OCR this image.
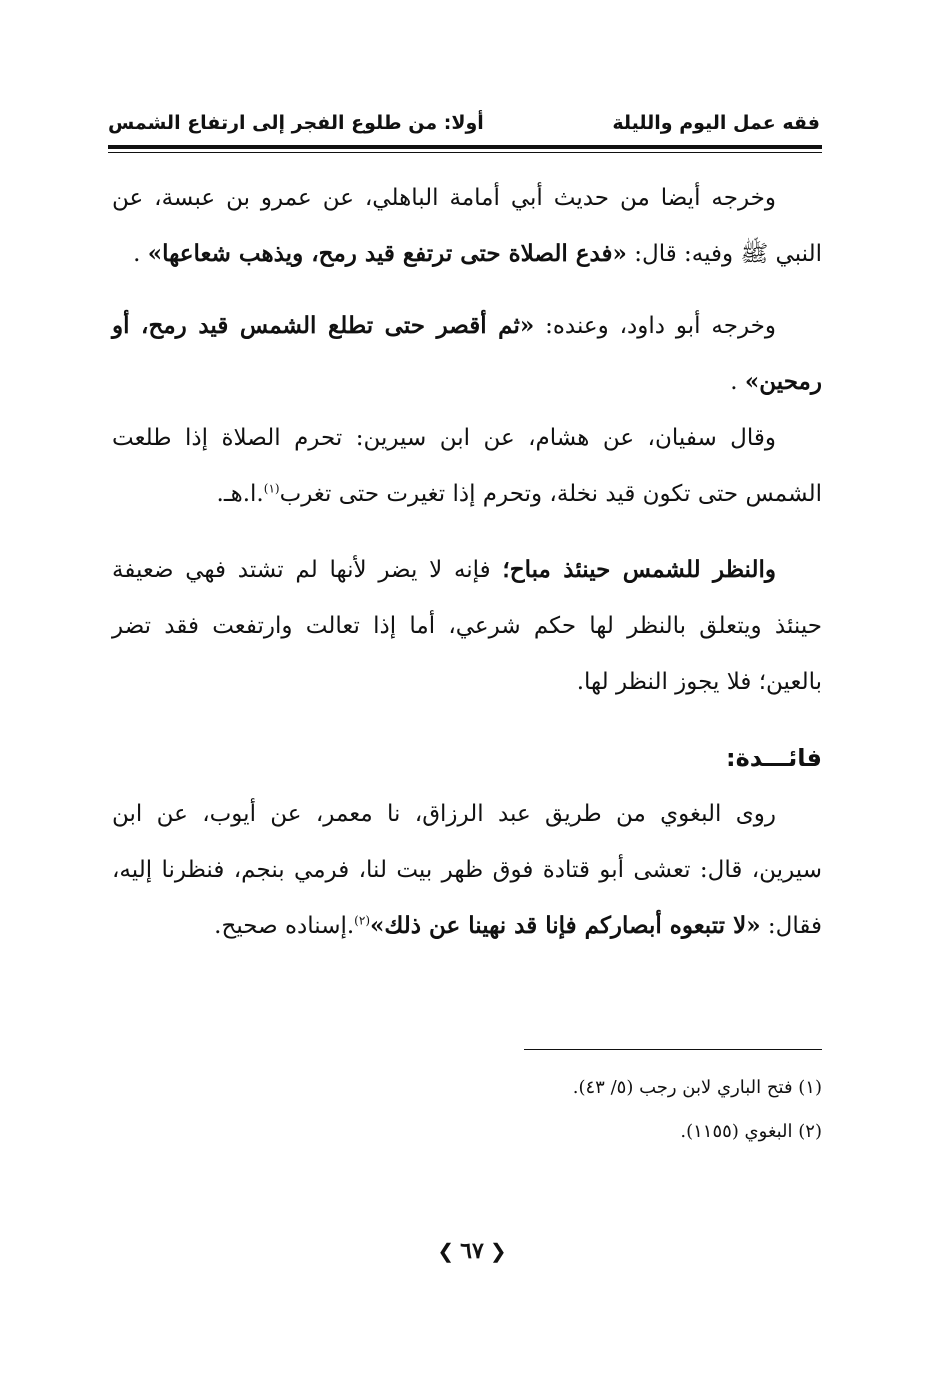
فقه عمل اليوم والليلة
أولا: من طلوع الفجر إلى ارتفاع الشمس

وخرجه أيضا من حديث أبي أمامة الباهلي، عن عمرو بن عبسة، عن النبي ﷺ وفيه: قال: «فدع الصلاة حتى ترتفع قيد رمح، ويذهب شعاعها» .

وخرجه أبو داود، وعنده: «ثم أقصر حتى تطلع الشمس قيد رمح، أو رمحين» .

وقال سفيان، عن هشام، عن ابن سيرين: تحرم الصلاة إذا طلعت الشمس حتى تكون قيد نخلة، وتحرم إذا تغيرت حتى تغرب$^{(١)}$.ا.هـ.

والنظر للشمس حينئذ مباح؛ فإنه لا يضر لأنها لم تشتد فهي ضعيفة حينئذ ويتعلق بالنظر لها حكم شرعي، أما إذا تعالت وارتفعت فقد تضر بالعين؛ فلا يجوز النظر لها.

فائـــدة:

روى البغوي من طريق عبد الرزاق، نا معمر، عن أيوب، عن ابن سيرين، قال: تعشى أبو قتادة فوق ظهر بيت لنا، فرمي بنجم، فنظرنا إليه، فقال: «لا تتبعوه أبصاركم فإنا قد نهينا عن ذلك»$^{(٢)}$.إسناده صحيح.

(١) فتح الباري لابن رجب (٥/ ٤٣).

(٢) البغوي (١١٥٥).

❮ ٦٧ ❯
